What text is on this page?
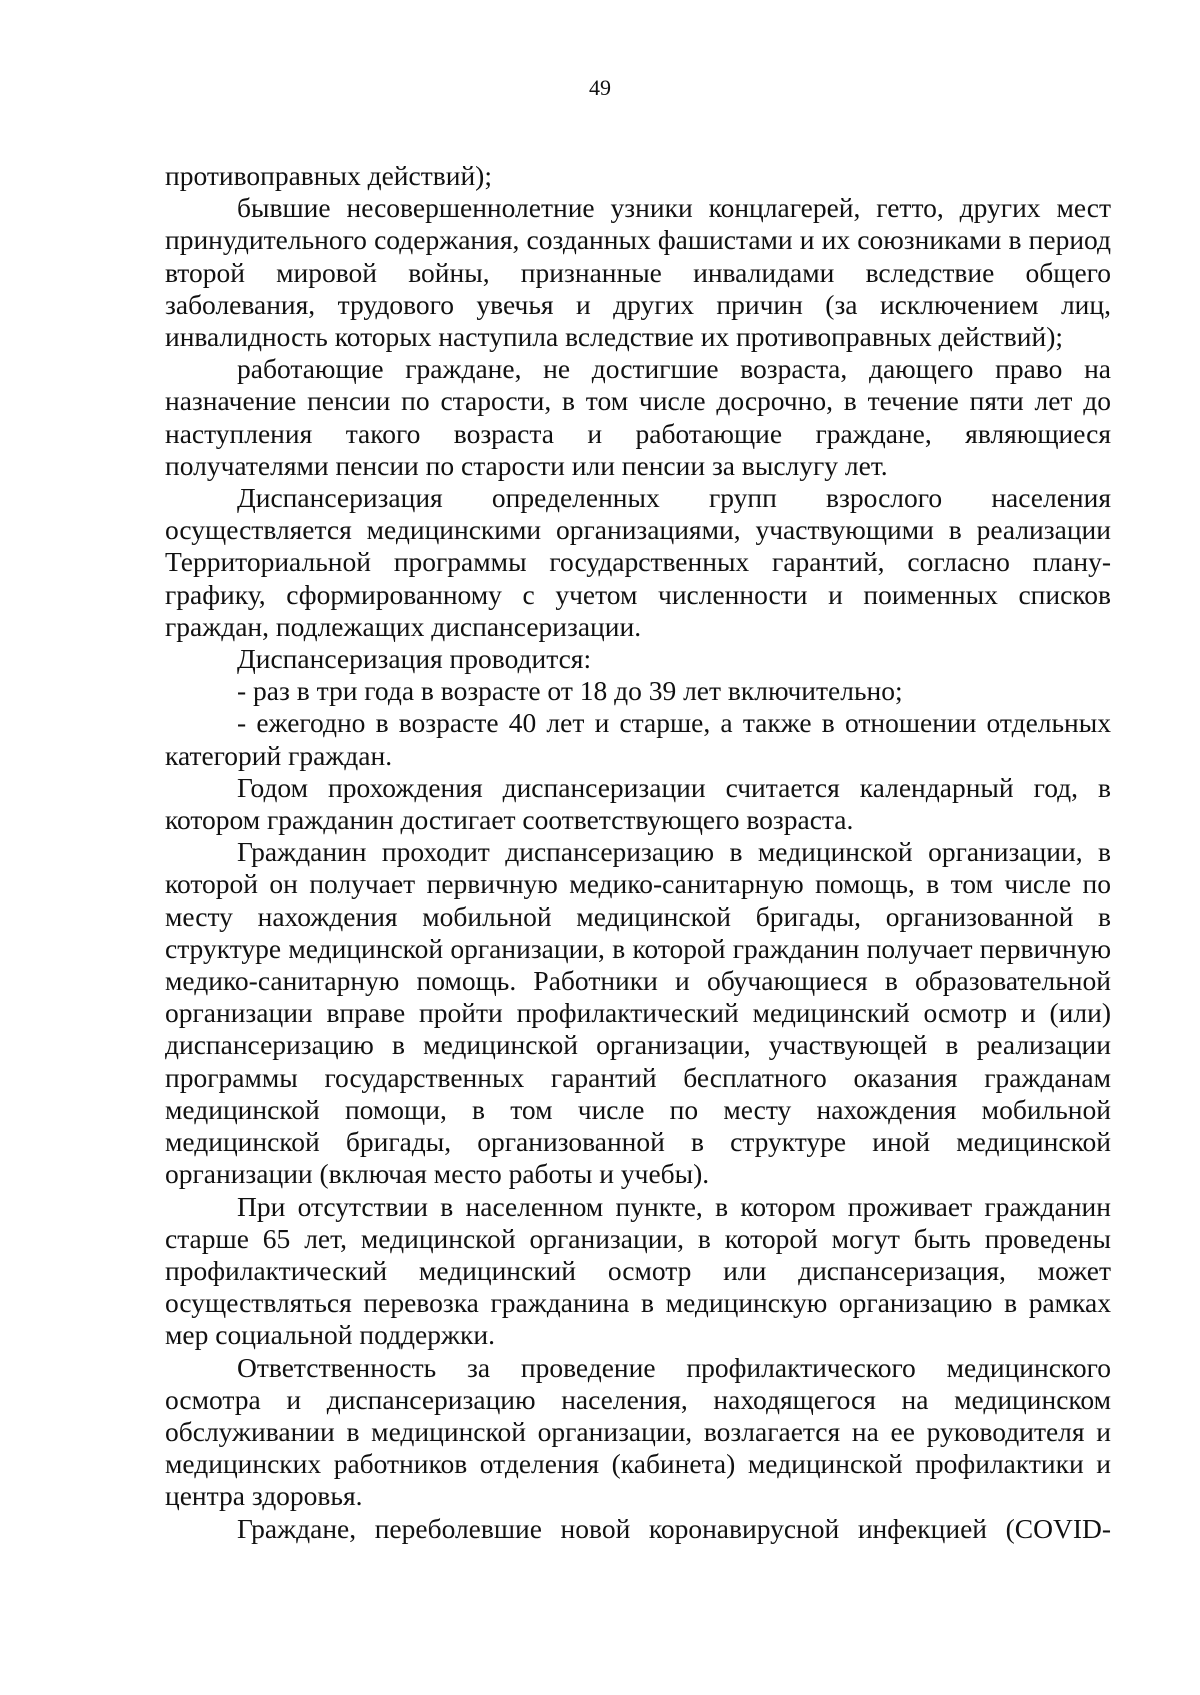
49

противоправных действий);

бывшие несовершеннолетние узники концлагерей, гетто, других мест принудительного содержания, созданных фашистами и их союзниками в период второй мировой войны, признанные инвалидами вследствие общего заболевания, трудового увечья и других причин (за исключением лиц, инвалидность которых наступила вследствие их противоправных действий);

работающие граждане, не достигшие возраста, дающего право на назначение пенсии по старости, в том числе досрочно, в течение пяти лет до наступления такого возраста и работающие граждане, являющиеся получателями пенсии по старости или пенсии за выслугу лет.

Диспансеризация определенных групп взрослого населения осуществляется медицинскими организациями, участвующими в реализации Территориальной программы государственных гарантий, согласно плану-графику, сформированному с учетом численности и поименных списков граждан, подлежащих диспансеризации.

Диспансеризация проводится:

- раз в три года в возрасте от 18 до 39 лет включительно;

- ежегодно в возрасте 40 лет и старше, а также в отношении отдельных категорий граждан.

Годом прохождения диспансеризации считается календарный год, в котором гражданин достигает соответствующего возраста.

Гражданин проходит диспансеризацию в медицинской организации, в которой он получает первичную медико-санитарную помощь, в том числе по месту нахождения мобильной медицинской бригады, организованной в структуре медицинской организации, в которой гражданин получает первичную медико-санитарную помощь. Работники и обучающиеся в образовательной организации вправе пройти профилактический медицинский осмотр и (или) диспансеризацию в медицинской организации, участвующей в реализации программы государственных гарантий бесплатного оказания гражданам медицинской помощи, в том числе по месту нахождения мобильной медицинской бригады, организованной в структуре иной медицинской организации (включая место работы и учебы).

При отсутствии в населенном пункте, в котором проживает гражданин старше 65 лет, медицинской организации, в которой могут быть проведены профилактический медицинский осмотр или диспансеризация, может осуществляться перевозка гражданина в медицинскую организацию в рамках мер социальной поддержки.

Ответственность за проведение профилактического медицинского осмотра и диспансеризацию населения, находящегося на медицинском обслуживании в медицинской организации, возлагается на ее руководителя и медицинских работников отделения (кабинета) медицинской профилактики и центра здоровья.

Граждане, переболевшие новой коронавирусной инфекцией (COVID-
